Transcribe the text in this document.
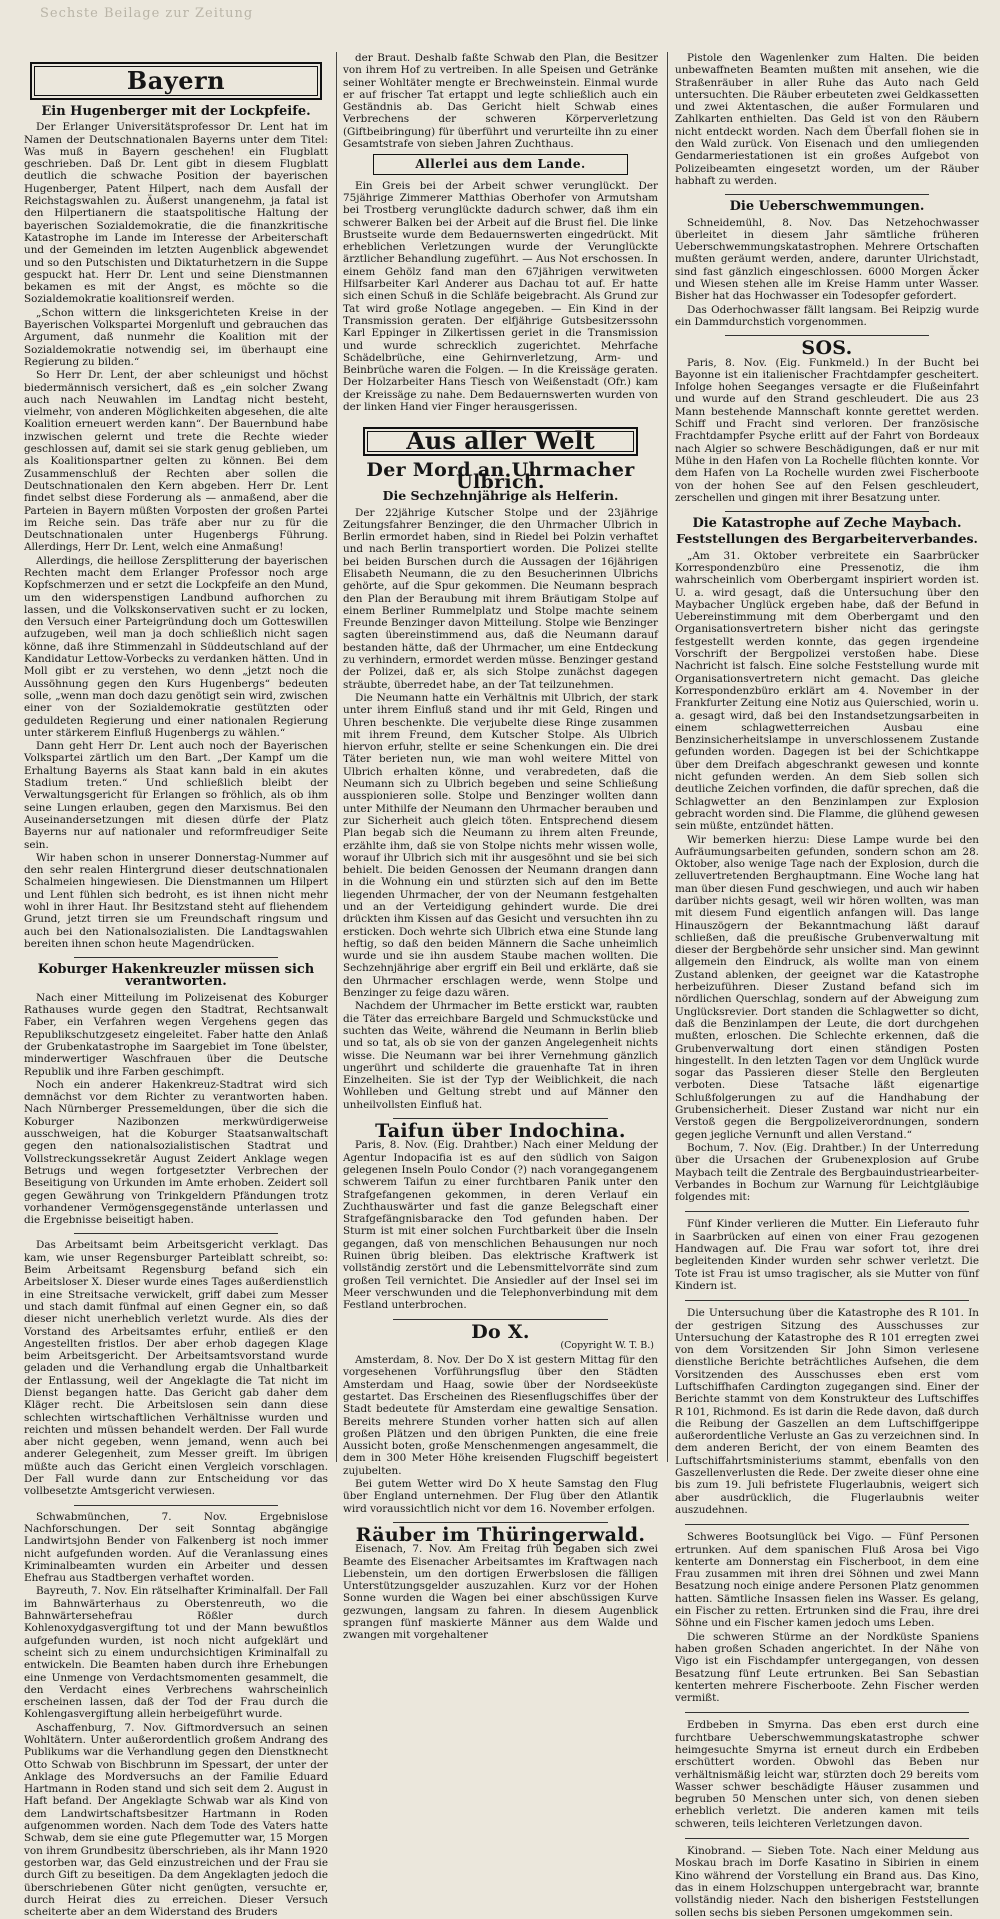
Sechste Beilage zur Zeitung
Bayern
Ein Hugenberger mit der Lockpfeife.

Der Erlanger Universitätsprofessor Dr. Lent hat im Namen der Deutschnationalen Bayerns unter dem Titel: Was muß in Bayern geschehen! ein Flugblatt geschrieben. Daß Dr. Lent gibt in diesem Flugblatt deutlich die schwache Position der bayerischen Hugenberger, Patent Hilpert, nach dem Ausfall der Reichstagswahlen zu. Äußerst unangenehm, ja fatal ist den Hilpertianern die staatspolitische Haltung der bayerischen Sozialdemokratie, die die finanzkritische Katastrophe im Lande im Interesse der Arbeiterschaft und der Gemeinden im letzten Augenblick abgewendet und so den Putschisten und Diktaturhetzern in die Suppe gespuckt hat. Herr Dr. Lent und seine Dienstmannen bekamen es mit der Angst, es möchte so die Sozialdemokratie koalitionsreif werden.

„Schon wittern die linksgerichteten Kreise in der Bayerischen Volkspartei Morgenluft und gebrauchen das Argument, daß nunmehr die Koalition mit der Sozialdemokratie notwendig sei, im überhaupt eine Regierung zu bilden.“

So Herr Dr. Lent, der aber schleunigst und höchst biedermännisch versichert, daß es „ein solcher Zwang auch nach Neuwahlen im Landtag nicht besteht, vielmehr, von anderen Möglichkeiten abgesehen, die alte Koalition erneuert werden kann“. Der Bauernbund habe inzwischen gelernt und trete die Rechte wieder geschlossen auf, damit sei sie stark genug geblieben, um als Koalitionspartner gelten zu können. Bei dem Zusammenschluß der Rechten aber sollen die Deutschnationalen den Kern abgeben. Herr Dr. Lent findet selbst diese Forderung als — anmaßend, aber die Parteien in Bayern müßten Vorposten der großen Partei im Reiche sein. Das träfe aber nur zu für die Deutschnationalen unter Hugenbergs Führung. Allerdings, Herr Dr. Lent, welch eine Anmaßung!

Allerdings, die heillose Zersplitterung der bayerischen Rechten macht dem Erlanger Professor noch arge Kopfschmerzen und er setzt die Lockpfeife an den Mund, um den widerspenstigen Landbund aufhorchen zu lassen, und die Volkskonservativen sucht er zu locken, den Versuch einer Parteigründung doch um Gotteswillen aufzugeben, weil man ja doch schließlich nicht sagen könne, daß ihre Stimmenzahl in Süddeutschland auf der Kandidatur Lettow-Vorbecks zu verdanken hätten. Und in Moll gibt er zu verstehen, wo denn „jetzt noch die Aussöhnung gegen den Kurs Hugenbergs“ bedeuten solle, „wenn man doch dazu genötigt sein wird, zwischen einer von der Sozialdemokratie gestützten oder geduldeten Regierung und einer nationalen Regierung unter stärkerem Einfluß Hugenbergs zu wählen.“

Dann geht Herr Dr. Lent auch noch der Bayerischen Volkspartei zärtlich um den Bart. „Der Kampf um die Erhaltung Bayerns als Staat kann bald in ein akutes Stadium treten.“ Und schließlich bleibt der Verwaltungsgericht für Erlangen so fröhlich, als ob ihm seine Lungen erlauben, gegen den Marxismus. Bei den Auseinandersetzungen mit diesen dürfe der Platz Bayerns nur auf nationaler und reformfreudiger Seite sein.

Wir haben schon in unserer Donnerstag-Nummer auf den sehr realen Hintergrund dieser deutschnationalen Schalmeien hingewiesen. Die Dienstmannen um Hilpert und Lent fühlen sich bedroht, es ist ihnen nicht mehr wohl in ihrer Haut. Ihr Besitzstand steht auf fliehendem Grund, jetzt tirren sie um Freundschaft ringsum und auch bei den Nationalsozialisten. Die Landtagswahlen bereiten ihnen schon heute Magendrücken.

Koburger Hakenkreuzler müssen sich verantworten.

Nach einer Mitteilung im Polizeisenat des Koburger Rathauses wurde gegen den Stadtrat, Rechtsanwalt Faber, ein Verfahren wegen Vergehens gegen das Republikschutzgesetz eingeleitet. Faber hatte den Anlaß der Grubenkatastrophe im Saargebiet im Tone übelster, minderwertiger Waschfrauen über die Deutsche Republik und ihre Farben geschimpft.

Noch ein anderer Hakenkreuz-Stadtrat wird sich demnächst vor dem Richter zu verantworten haben. Nach Nürnberger Pressemeldungen, über die sich die Koburger Nazibonzen merkwürdigerweise ausschweigen, hat die Koburger Staatsanwaltschaft gegen den nationalsozialistischen Stadtrat und Vollstreckungssekretär August Zeidert Anklage wegen Betrugs und wegen fortgesetzter Verbrechen der Beseitigung von Urkunden im Amte erhoben. Zeidert soll gegen Gewährung von Trinkgeldern Pfändungen trotz vorhandener Vermögensgegenstände unterlassen und die Ergebnisse beiseitigt haben.

Das Arbeitsamt beim Arbeitsgericht verklagt. Das kam, wie unser Regensburger Parteiblatt schreibt, so: Beim Arbeitsamt Regensburg befand sich ein Arbeitsloser X. Dieser wurde eines Tages außerdienstlich in eine Streitsache verwickelt, griff dabei zum Messer und stach damit fünfmal auf einen Gegner ein, so daß dieser nicht unerheblich verletzt wurde. Als dies der Vorstand des Arbeitsamtes erfuhr, entließ er den Angestellten fristlos. Der aber erhob dagegen Klage beim Arbeitsgericht. Der Arbeitsamtsvorstand wurde geladen und die Verhandlung ergab die Unhaltbarkeit der Entlassung, weil der Angeklagte die Tat nicht im Dienst begangen hatte. Das Gericht gab daher dem Kläger recht. Die Arbeitslosen sein dann diese schlechten wirtschaftlichen Verhältnisse wurden und reichten und müssen behandelt werden. Der Fall wurde aber nicht gegeben, wenn jemand, wenn auch bei anderer Gelegenheit, zum Messer greift. Im übrigen müßte auch das Gericht einen Vergleich vorschlagen. Der Fall wurde dann zur Entscheidung vor das vollbesetzte Amtsgericht verwiesen.

Schwabmünchen, 7. Nov. Ergebnislose Nachforschungen. Der seit Sonntag abgängige Landwirtsjohn Bender von Falkenberg ist noch immer nicht aufgefunden worden. Auf die Veranlassung eines Kriminalbeamten wurden ein Arbeiter und dessen Ehefrau aus Stadtbergen verhaftet worden.

Bayreuth, 7. Nov. Ein rätselhafter Kriminalfall. Der Fall im Bahnwärterhaus zu Oberstenreuth, wo die Bahnwärtersehefrau Rößler durch Kohlenoxydgasvergiftung tot und der Mann bewußtlos aufgefunden wurden, ist noch nicht aufgeklärt und scheint sich zu einem undurchsichtigen Kriminalfall zu entwickeln. Die Beamten haben durch ihre Erhebungen eine Unmenge von Verdachtsmomenten gesammelt, die den Verdacht eines Verbrechens wahrscheinlich erscheinen lassen, daß der Tod der Frau durch die Kohlengasvergiftung allein herbeigeführt wurde.

Aschaffenburg, 7. Nov. Giftmordversuch an seinen Wohltätern. Unter außerordentlich großem Andrang des Publikums war die Verhandlung gegen den Dienstknecht Otto Schwab von Bischbrunn im Spessart, der unter der Anklage des Mordversuchs an der Familie Eduard Hartmann in Roden stand und sich seit dem 2. August in Haft befand. Der Angeklagte Schwab war als Kind von dem Landwirtschaftsbesitzer Hartmann in Roden aufgenommen worden. Nach dem Tode des Vaters hatte Schwab, dem sie eine gute Pflegemutter war, 15 Morgen von ihrem Grundbesitz überschrieben, als ihr Mann 1920 gestorben war, das Geld einzustreichen und der Frau sie durch Gift zu beseitigen. Da dem Angeklagten jedoch die überschriebenen Güter nicht genügten, versuchte er, durch Heirat dies zu erreichen. Dieser Versuch scheiterte aber an dem Widerstand des Bruders

der Braut. Deshalb faßte Schwab den Plan, die Besitzer von ihrem Hof zu vertreiben. In alle Speisen und Getränke seiner Wohltäter mengte er Brechweinstein. Einmal wurde er auf frischer Tat ertappt und legte schließlich auch ein Geständnis ab. Das Gericht hielt Schwab eines Verbrechens der schweren Körperverletzung (Giftbeibringung) für überführt und verurteilte ihn zu einer Gesamtstrafe von sieben Jahren Zuchthaus.

Allerlei aus dem Lande.

Ein Greis bei der Arbeit schwer verunglückt. Der 75jährige Zimmerer Matthias Oberhofer von Armutsham bei Trostberg verunglückte dadurch schwer, daß ihm ein schwerer Balken bei der Arbeit auf die Brust fiel. Die linke Brustseite wurde dem Bedauernswerten eingedrückt. Mit erheblichen Verletzungen wurde der Verunglückte ärztlicher Behandlung zugeführt. — Aus Not erschossen. In einem Gehölz fand man den 67jährigen verwitweten Hilfsarbeiter Karl Anderer aus Dachau tot auf. Er hatte sich einen Schuß in die Schläfe beigebracht. Als Grund zur Tat wird große Notlage angegeben. — Ein Kind in der Transmission geraten. Der elfjährige Gutsbesitzerssohn Karl Eppinger in Zilkertissen geriet in die Transmission und wurde schrecklich zugerichtet. Mehrfache Schädelbrüche, eine Gehirnverletzung, Arm- und Beinbrüche waren die Folgen. — In die Kreissäge geraten. Der Holzarbeiter Hans Tiesch von Weißenstadt (Ofr.) kam der Kreissäge zu nahe. Dem Bedauernswerten wurden von der linken Hand vier Finger herausgerissen.

Aus aller Welt
Der Mord an Uhrmacher Ulbrich.
Die Sechzehnjährige als Helferin.

Der 22jährige Kutscher Stolpe und der 23jährige Zeitungsfahrer Benzinger, die den Uhrmacher Ulbrich in Berlin ermordet haben, sind in Riedel bei Polzin verhaftet und nach Berlin transportiert worden. Die Polizei stellte bei beiden Burschen durch die Aussagen der 16jährigen Elisabeth Neumann, die zu den Besucherinnen Ulbrichs gehörte, auf die Spur gekommen. Die Neumann besprach den Plan der Beraubung mit ihrem Bräutigam Stolpe auf einem Berliner Rummelplatz und Stolpe machte seinem Freunde Benzinger davon Mitteilung. Stolpe wie Benzinger sagten übereinstimmend aus, daß die Neumann darauf bestanden hätte, daß der Uhrmacher, um eine Entdeckung zu verhindern, ermordet werden müsse. Benzinger gestand der Polizei, daß er, als sich Stolpe zunächst dagegen sträubte, überredet habe, an der Tat teilzunehmen.

Die Neumann hatte ein Verhältnis mit Ulbrich, der stark unter ihrem Einfluß stand und ihr mit Geld, Ringen und Uhren beschenkte. Die verjubelte diese Ringe zusammen mit ihrem Freund, dem Kutscher Stolpe. Als Ulbrich hiervon erfuhr, stellte er seine Schenkungen ein. Die drei Täter berieten nun, wie man wohl weitere Mittel von Ulbrich erhalten könne, und verabredeten, daß die Neumann sich zu Ulbrich begeben und seine Schließung ausspionieren solle. Stolpe und Benzinger wollten dann unter Mithilfe der Neumann den Uhrmacher berauben und zur Sicherheit auch gleich töten. Entsprechend diesem Plan begab sich die Neumann zu ihrem alten Freunde, erzählte ihm, daß sie von Stolpe nichts mehr wissen wolle, worauf ihr Ulbrich sich mit ihr ausgesöhnt und sie bei sich behielt. Die beiden Genossen der Neumann drangen dann in die Wohnung ein und stürzten sich auf den im Bette liegenden Uhrmacher, der von der Neumann festgehalten und an der Verteidigung gehindert wurde. Die drei drückten ihm Kissen auf das Gesicht und versuchten ihn zu ersticken. Doch wehrte sich Ulbrich etwa eine Stunde lang heftig, so daß den beiden Männern die Sache unheimlich wurde und sie ihn ausdem Staube machen wollten. Die Sechzehnjährige aber ergriff ein Beil und erklärte, daß sie den Uhrmacher erschlagen werde, wenn Stolpe und Benzinger zu feige dazu wären.

Nachdem der Uhrmacher im Bette erstickt war, raubten die Täter das erreichbare Bargeld und Schmuckstücke und suchten das Weite, während die Neumann in Berlin blieb und so tat, als ob sie von der ganzen Angelegenheit nichts wisse. Die Neumann war bei ihrer Vernehmung gänzlich ungerührt und schilderte die grauenhafte Tat in ihren Einzelheiten. Sie ist der Typ der Weiblichkeit, die nach Wohlleben und Geltung strebt und auf Männer den unheilvollsten Einfluß hat.

Taifun über Indochina.

Paris, 8. Nov. (Eig. Drahtber.) Nach einer Meldung der Agentur Indopacifia ist es auf den südlich von Saigon gelegenen Inseln Poulo Condor (?) nach vorangegangenem schwerem Taifun zu einer furchtbaren Panik unter den Strafgefangenen gekommen, in deren Verlauf ein Zuchthauswärter und fast die ganze Belegschaft einer Strafgefängnisbaracke den Tod gefunden haben. Der Sturm ist mit einer solchen Furchtbarkeit über die Inseln gegangen, daß von menschlichen Behausungen nur noch Ruinen übrig bleiben. Das elektrische Kraftwerk ist vollständig zerstört und die Lebensmittelvorräte sind zum großen Teil vernichtet. Die Ansiedler auf der Insel sei im Meer verschwunden und die Telephonverbindung mit dem Festland unterbrochen.

Do X.
(Copyright W. T. B.)

Amsterdam, 8. Nov. Der Do X ist gestern Mittag für den vorgesehenen Vorführungsflug über den Städten Amsterdam und Haag, sowie über der Nordseeküste gestartet. Das Erscheinen des Riesenflugschiffes über der Stadt bedeutete für Amsterdam eine gewaltige Sensation. Bereits mehrere Stunden vorher hatten sich auf allen großen Plätzen und den übrigen Punkten, die eine freie Aussicht boten, große Menschenmengen angesammelt, die dem in 300 Meter Höhe kreisenden Flugschiff begeistert zujubelten.

Bei gutem Wetter wird Do X heute Samstag den Flug über England unternehmen. Der Flug über den Atlantik wird voraussichtlich nicht vor dem 16. November erfolgen.

Räuber im Thüringerwald.

Eisenach, 7. Nov. Am Freitag früh begaben sich zwei Beamte des Eisenacher Arbeitsamtes im Kraftwagen nach Liebenstein, um den dortigen Erwerbslosen die fälligen Unterstützungsgelder auszuzahlen. Kurz vor der Hohen Sonne wurden die Wagen bei einer abschüssigen Kurve gezwungen, langsam zu fahren. In diesem Augenblick sprangen fünf maskierte Männer aus dem Walde und zwangen mit vorgehaltener

Pistole den Wagenlenker zum Halten. Die beiden unbewaffneten Beamten mußten mit ansehen, wie die Straßenräuber in aller Ruhe das Auto nach Geld untersuchten. Die Räuber erbeuteten zwei Geldkassetten und zwei Aktentaschen, die außer Formularen und Zahlkarten enthielten. Das Geld ist von den Räubern nicht entdeckt worden. Nach dem Überfall flohen sie in den Wald zurück. Von Eisenach und den umliegenden Gendarmeriestationen ist ein großes Aufgebot von Polizeibeamten eingesetzt worden, um der Räuber habhaft zu werden.

Die Ueberschwemmungen.

Schneidemühl, 8. Nov. Das Netzehochwasser überleitet in diesem Jahr sämtliche früheren Ueberschwemmungskatastrophen. Mehrere Ortschaften mußten geräumt werden, andere, darunter Ulrichstadt, sind fast gänzlich eingeschlossen. 6000 Morgen Äcker und Wiesen stehen alle im Kreise Hamm unter Wasser. Bisher hat das Hochwasser ein Todesopfer gefordert.

Das Oderhochwasser fällt langsam. Bei Reipzig wurde ein Dammdurchstich vorgenommen.

SOS.

Paris, 8. Nov. (Eig. Funkmeld.) In der Bucht bei Bayonne ist ein italienischer Frachtdampfer gescheitert. Infolge hohen Seeganges versagte er die Flußeinfahrt und wurde auf den Strand geschleudert. Die aus 23 Mann bestehende Mannschaft konnte gerettet werden. Schiff und Fracht sind verloren. Der französische Frachtdampfer Psyche erlitt auf der Fahrt von Bordeaux nach Algier so schwere Beschädigungen, daß er nur mit Mühe in den Hafen von La Rochelle flüchten konnte. Vor dem Hafen von La Rochelle wurden zwei Fischerboote von der hohen See auf den Felsen geschleudert, zerschellen und gingen mit ihrer Besatzung unter.

Die Katastrophe auf Zeche Maybach.
Feststellungen des Bergarbeiterverbandes.

„Am 31. Oktober verbreitete ein Saarbrücker Korrespondenzbüro eine Pressenotiz, die ihm wahrscheinlich vom Oberbergamt inspiriert worden ist. U. a. wird gesagt, daß die Untersuchung über den Maybacher Unglück ergeben habe, daß der Befund in Uebereinstimmung mit dem Oberbergamt und den Organisationsvertretern bisher nicht das geringste festgestellt werden konnte, das gegen irgendeine Vorschrift der Bergpolizei verstoßen habe. Diese Nachricht ist falsch. Eine solche Feststellung wurde mit Organisationsvertretern nicht gemacht. Das gleiche Korrespondenzbüro erklärt am 4. November in der Frankfurter Zeitung eine Notiz aus Quierschied, worin u. a. gesagt wird, daß bei den Instandsetzungsarbeiten in einem schlagwetterreichen Ausbau eine Benzinsicherheitslampe in unverschlossenem Zustande gefunden worden. Dagegen ist bei der Schichtkappe über dem Dreifach abgeschrankt gewesen und konnte nicht gefunden werden. An dem Sieb sollen sich deutliche Zeichen vorfinden, die dafür sprechen, daß die Schlagwetter an den Benzinlampen zur Explosion gebracht worden sind. Die Flamme, die glühend gewesen sein müßte, entzündet hätten.

Wir bemerken hierzu: Diese Lampe wurde bei den Aufräumungsarbeiten gefunden, sondern schon am 28. Oktober, also wenige Tage nach der Explosion, durch die zelluvertretenden Berghauptmann. Eine Woche lang hat man über diesen Fund geschwiegen, und auch wir haben darüber nichts gesagt, weil wir hören wollten, was man mit diesem Fund eigentlich anfangen will. Das lange Hinauszögern der Bekanntmachung läßt darauf schließen, daß die preußische Grubenverwaltung mit dieser der Bergbehörde sehr unsicher sind. Man gewinnt allgemein den Eindruck, als wollte man von einem Zustand ablenken, der geeignet war die Katastrophe herbeizuführen. Dieser Zustand befand sich im nördlichen Querschlag, sondern auf der Abweigung zum Unglücksrevier. Dort standen die Schlagwetter so dicht, daß die Benzinlampen der Leute, die dort durchgehen mußten, erloschen. Die Schlechte erkennen, daß die Grubenverwaltung dort einen ständigen Posten hingestellt. In den letzten Tagen vor dem Unglück wurde sogar das Passieren dieser Stelle den Bergleuten verboten. Diese Tatsache läßt eigenartige Schlußfolgerungen zu auf die Handhabung der Grubensicherheit. Dieser Zustand war nicht nur ein Verstoß gegen die Bergpolizeiverordnungen, sondern gegen jegliche Vernunft und allen Verstand.“

Bochum, 7. Nov. (Eig. Drahtber.) In der Unterredung über die Ursachen der Grubenexplosion auf Grube Maybach teilt die Zentrale des Bergbauindustriearbeiter-Verbandes in Bochum zur Warnung für Leichtgläubige folgendes mit:

Fünf Kinder verlieren die Mutter. Ein Lieferauto fuhr in Saarbrücken auf einen von einer Frau gezogenen Handwagen auf. Die Frau war sofort tot, ihre drei begleitenden Kinder wurden sehr schwer verletzt. Die Tote ist Frau ist umso tragischer, als sie Mutter von fünf Kindern ist.

Die Untersuchung über die Katastrophe des R 101. In der gestrigen Sitzung des Ausschusses zur Untersuchung der Katastrophe des R 101 erregten zwei von dem Vorsitzenden Sir John Simon verlesene dienstliche Berichte beträchtliches Aufsehen, die dem Vorsitzenden des Ausschusses eben erst vom Luftschiffhafen Cardington zugegangen sind. Einer der Berichte stammt von dem Konstrukteur des Luftschiffes R 101, Richmond. Es ist darin die Rede davon, daß durch die Reibung der Gaszellen an dem Luftschiffgerippe außerordentliche Verluste an Gas zu verzeichnen sind. In dem anderen Bericht, der von einem Beamten des Luftschiffahrtsministeriums stammt, ebenfalls von den Gaszellenverlusten die Rede. Der zweite dieser ohne eine bis zum 19. Juli befristete Flugerlaubnis, weigert sich aber ausdrücklich, die Flugerlaubnis weiter auszudehnen.

Schweres Bootsunglück bei Vigo. — Fünf Personen ertrunken. Auf dem spanischen Fluß Arosa bei Vigo kenterte am Donnerstag ein Fischerboot, in dem eine Frau zusammen mit ihren drei Söhnen und zwei Mann Besatzung noch einige andere Personen Platz genommen hatten. Sämtliche Insassen fielen ins Wasser. Es gelang, ein Fischer zu retten. Ertrunken sind die Frau, ihre drei Söhne und ein Fischer kamen jedoch ums Leben.

Die schweren Stürme an der Nordküste Spaniens haben großen Schaden angerichtet. In der Nähe von Vigo ist ein Fischdampfer untergegangen, von dessen Besatzung fünf Leute ertrunken. Bei San Sebastian kenterten mehrere Fischerboote. Zehn Fischer werden vermißt.

Erdbeben in Smyrna. Das eben erst durch eine furchtbare Ueberschwemmungskatastrophe schwer heimgesuchte Smyrna ist erneut durch ein Erdbeben erschüttert worden. Obwohl das Beben nur verhältnismäßig leicht war, stürzten doch 29 bereits vom Wasser schwer beschädigte Häuser zusammen und begruben 50 Menschen unter sich, von denen sieben erheblich verletzt. Die anderen kamen mit teils schweren, teils leichteren Verletzungen davon.

Kinobrand. — Sieben Tote. Nach einer Meldung aus Moskau brach im Dorfe Kasatino in Sibirien in einem Kino während der Vorstellung ein Brand aus. Das Kino, das in einem Holzschuppen untergebracht war, brannte vollständig nieder. Nach den bisherigen Feststellungen sollen sechs bis sieben Personen umgekommen sein.
